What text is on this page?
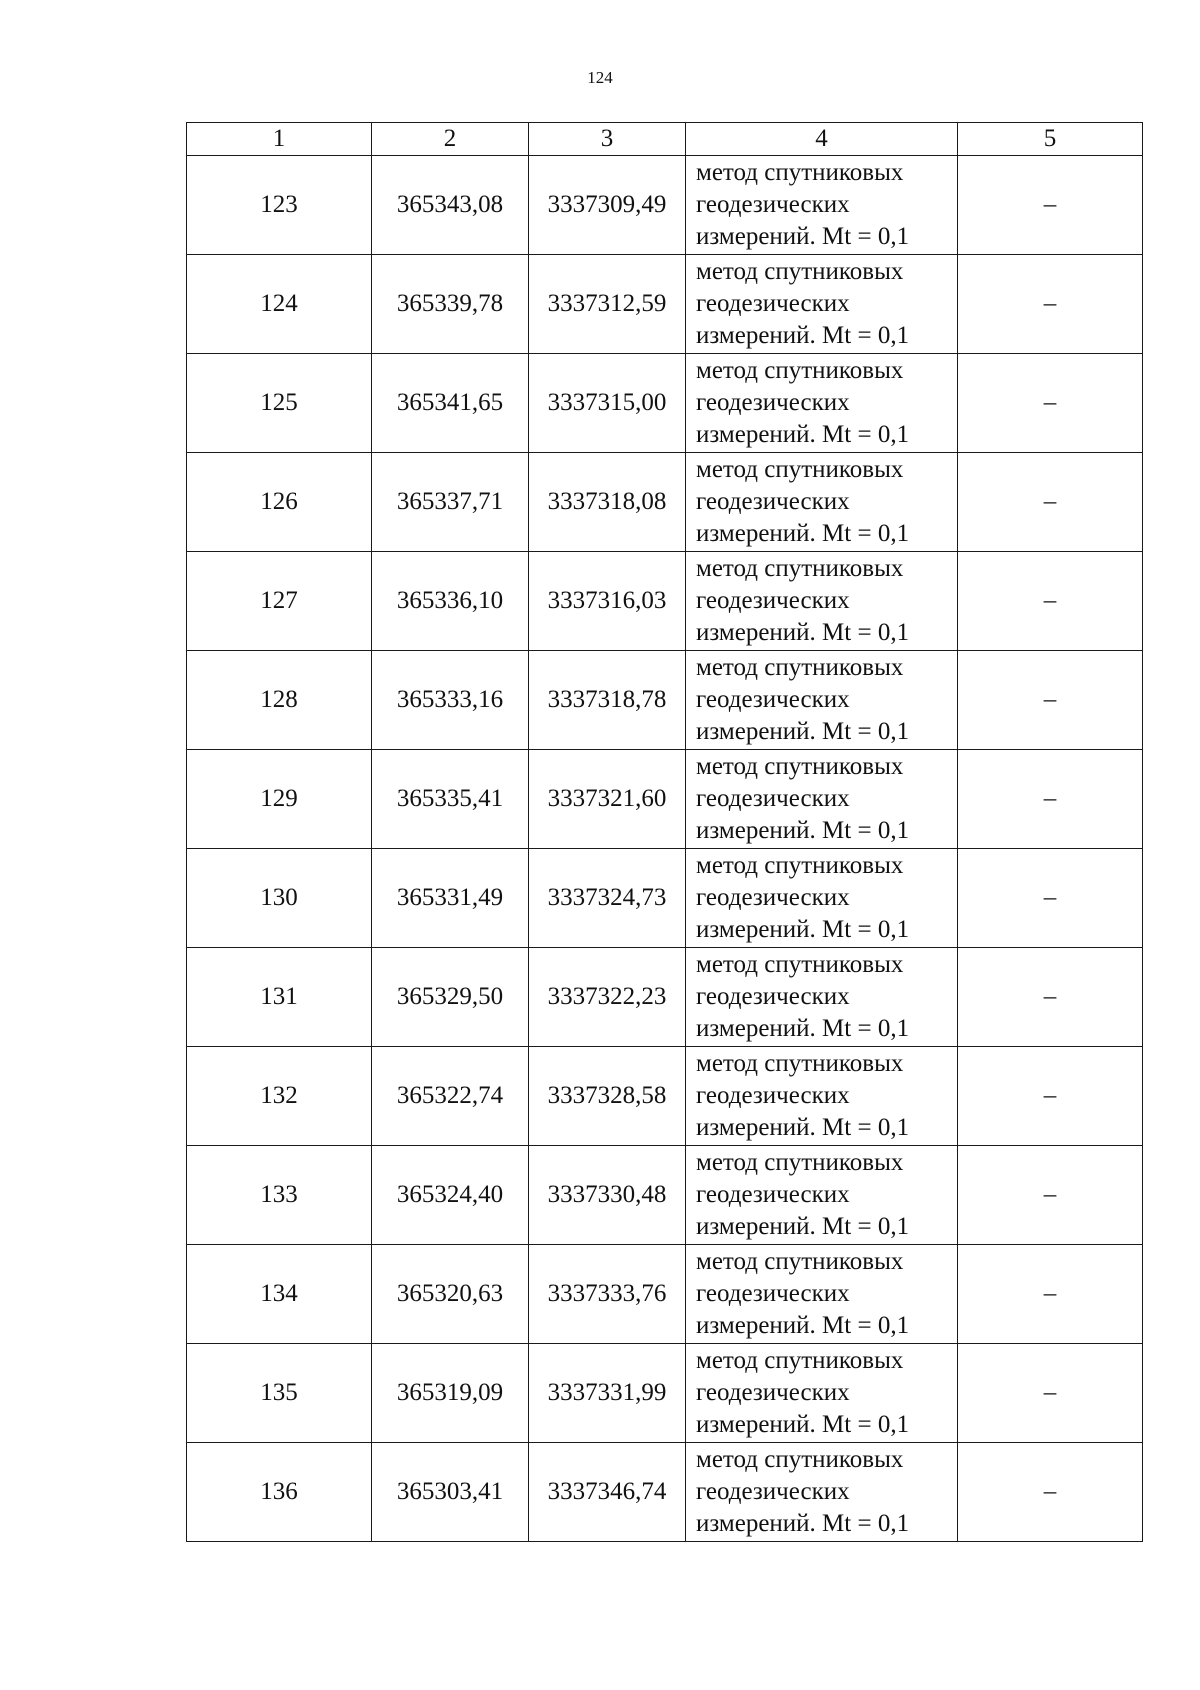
124
1	2	3	4	5
123	365343,08	3337309,49	метод спутниковых
геодезических
измерений. Mt = 0,1	–
124	365339,78	3337312,59	метод спутниковых
геодезических
измерений. Mt = 0,1	–
125	365341,65	3337315,00	метод спутниковых
геодезических
измерений. Mt = 0,1	–
126	365337,71	3337318,08	метод спутниковых
геодезических
измерений. Mt = 0,1	–
127	365336,10	3337316,03	метод спутниковых
геодезических
измерений. Mt = 0,1	–
128	365333,16	3337318,78	метод спутниковых
геодезических
измерений. Mt = 0,1	–
129	365335,41	3337321,60	метод спутниковых
геодезических
измерений. Mt = 0,1	–
130	365331,49	3337324,73	метод спутниковых
геодезических
измерений. Mt = 0,1	–
131	365329,50	3337322,23	метод спутниковых
геодезических
измерений. Mt = 0,1	–
132	365322,74	3337328,58	метод спутниковых
геодезических
измерений. Mt = 0,1	–
133	365324,40	3337330,48	метод спутниковых
геодезических
измерений. Mt = 0,1	–
134	365320,63	3337333,76	метод спутниковых
геодезических
измерений. Mt = 0,1	–
135	365319,09	3337331,99	метод спутниковых
геодезических
измерений. Mt = 0,1	–
136	365303,41	3337346,74	метод спутниковых
геодезических
измерений. Mt = 0,1	–
